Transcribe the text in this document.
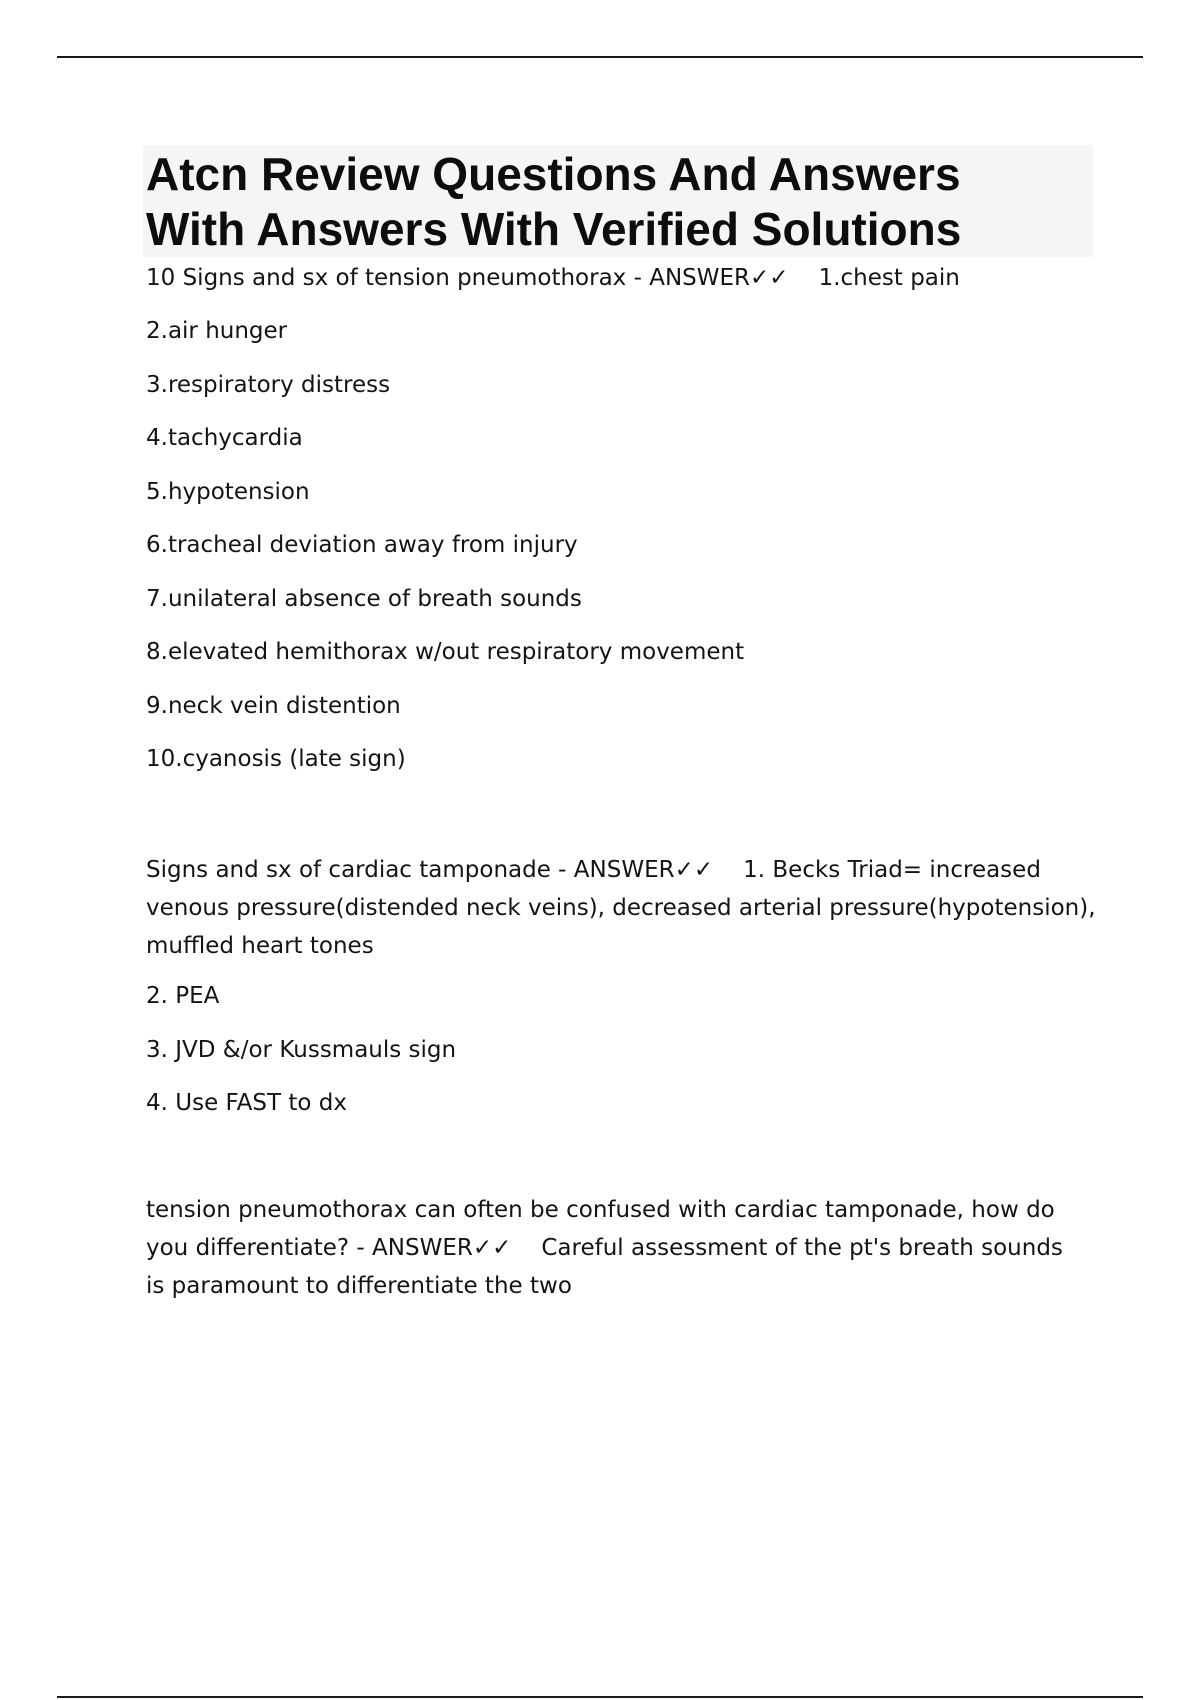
Atcn Review Questions And Answers
With Answers With Verified Solutions
10 Signs and sx of tension pneumothorax - ANSWER✓✓ 1.chest pain
2.air hunger
3.respiratory distress
4.tachycardia
5.hypotension
6.tracheal deviation away from injury
7.unilateral absence of breath sounds
8.elevated hemithorax w/out respiratory movement
9.neck vein distention
10.cyanosis (late sign)
Signs and sx of cardiac tamponade - ANSWER✓✓ 1. Becks Triad= increased venous pressure(distended neck veins), decreased arterial pressure(hypotension), muffled heart tones
2. PEA
3. JVD &/or Kussmauls sign
4. Use FAST to dx
tension pneumothorax can often be confused with cardiac tamponade, how do you differentiate? - ANSWER✓✓ Careful assessment of the pt's breath sounds is paramount to differentiate the two
